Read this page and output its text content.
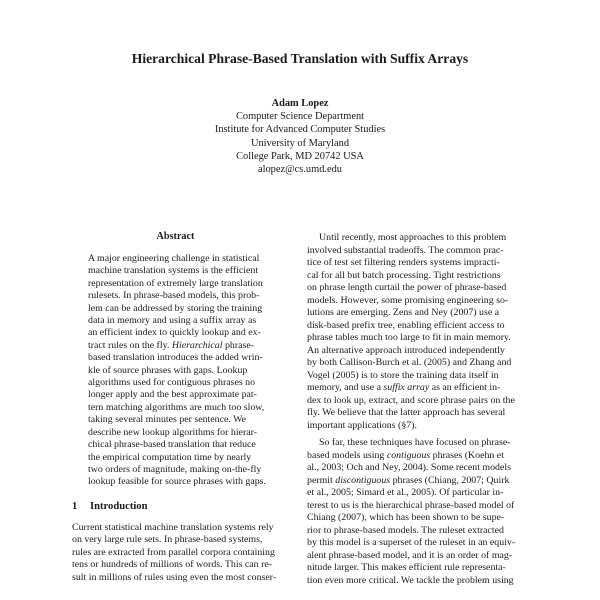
Hierarchical Phrase-Based Translation with Suffix Arrays
Adam Lopez
Computer Science Department
Institute for Advanced Computer Studies
University of Maryland
College Park, MD 20742 USA
alopez@cs.umd.edu
Abstract
A major engineering challenge in statistical
machine translation systems is the efficient
representation of extremely large translation
rulesets. In phrase-based models, this prob-
lem can be addressed by storing the training
data in memory and using a suffix array as
an efficient index to quickly lookup and ex-
tract rules on the fly. Hierarchical phrase-
based translation introduces the added wrin-
kle of source phrases with gaps. Lookup
algorithms used for contiguous phrases no
longer apply and the best approximate pat-
tern matching algorithms are much too slow,
taking several minutes per sentence. We
describe new lookup algorithms for hierar-
chical phrase-based translation that reduce
the empirical computation time by nearly
two orders of magnitude, making on-the-fly
lookup feasible for source phrases with gaps.
1 Introduction
Current statistical machine translation systems rely
on very large rule sets. In phrase-based systems,
rules are extracted from parallel corpora containing
tens or hundreds of millions of words. This can re-
sult in millions of rules using even the most conser-

Until recently, most approaches to this problem
involved substantial tradeoffs. The common prac-
tice of test set filtering renders systems impracti-
cal for all but batch processing. Tight restrictions
on phrase length curtail the power of phrase-based
models. However, some promising engineering so-
lutions are emerging. Zens and Ney (2007) use a
disk-based prefix tree, enabling efficient access to
phrase tables much too large to fit in main memory.
An alternative approach introduced independently
by both Callison-Burch et al. (2005) and Zhang and
Vogel (2005) is to store the training data itself in
memory, and use a suffix array as an efficient in-
dex to look up, extract, and score phrase pairs on the
fly. We believe that the latter approach has several
important applications (§7).

So far, these techniques have focused on phrase-
based models using contiguous phrases (Koehn et
al., 2003; Och and Ney, 2004). Some recent models
permit discontiguous phrases (Chiang, 2007; Quirk
et al., 2005; Simard et al., 2005). Of particular in-
terest to us is the hierarchical phrase-based model of
Chiang (2007), which has been shown to be supe-
rior to phrase-based models. The ruleset extracted
by this model is a superset of the ruleset in an equiv-
alent phrase-based model, and it is an order of mag-
nitude larger. This makes efficient rule representa-
tion even more critical. We tackle the problem using
